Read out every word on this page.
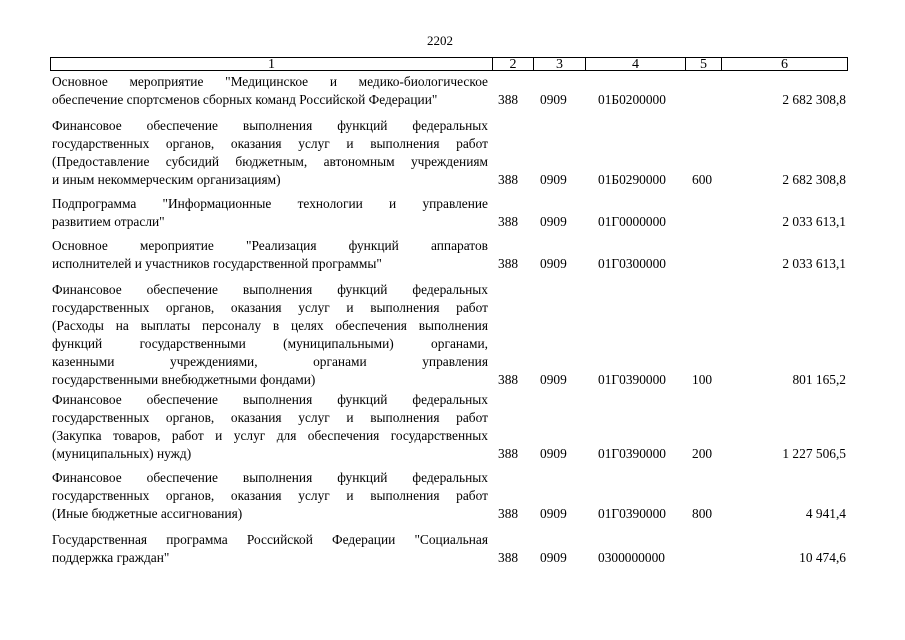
2202
1	2	3	4	5	6
Основное мероприятие "Медицинское и медико-биологическое
обеспечение спортсменов сборных команд Российской Федерации"	388 0909 01Б0200000	2 682 308,8
Финансовое обеспечение выполнения функций федеральных
государственных органов, оказания услуг и выполнения работ
(Предоставление субсидий бюджетным, автономным учреждениям
и иным некоммерческим организациям)	388 0909 01Б0290000 600	2 682 308,8
Подпрограмма "Информационные технологии и управление
развитием отрасли"	388 0909 01Г0000000	2 033 613,1
Основное мероприятие "Реализация функций аппаратов
исполнителей и участников государственной программы"	388 0909 01Г0300000	2 033 613,1
Финансовое обеспечение выполнения функций федеральных
государственных органов, оказания услуг и выполнения работ
(Расходы на выплаты персоналу в целях обеспечения выполнения
функций государственными (муниципальными) органами,
казенными учреждениями, органами управления
государственными внебюджетными фондами)	388 0909 01Г0390000 100	801 165,2
Финансовое обеспечение выполнения функций федеральных
государственных органов, оказания услуг и выполнения работ
(Закупка товаров, работ и услуг для обеспечения государственных
(муниципальных) нужд)	388 0909 01Г0390000 200	1 227 506,5
Финансовое обеспечение выполнения функций федеральных
государственных органов, оказания услуг и выполнения работ
(Иные бюджетные ассигнования)	388 0909 01Г0390000 800	4 941,4
Государственная программа Российской Федерации "Социальная
поддержка граждан"	388 0909 0300000000	10 474,6
